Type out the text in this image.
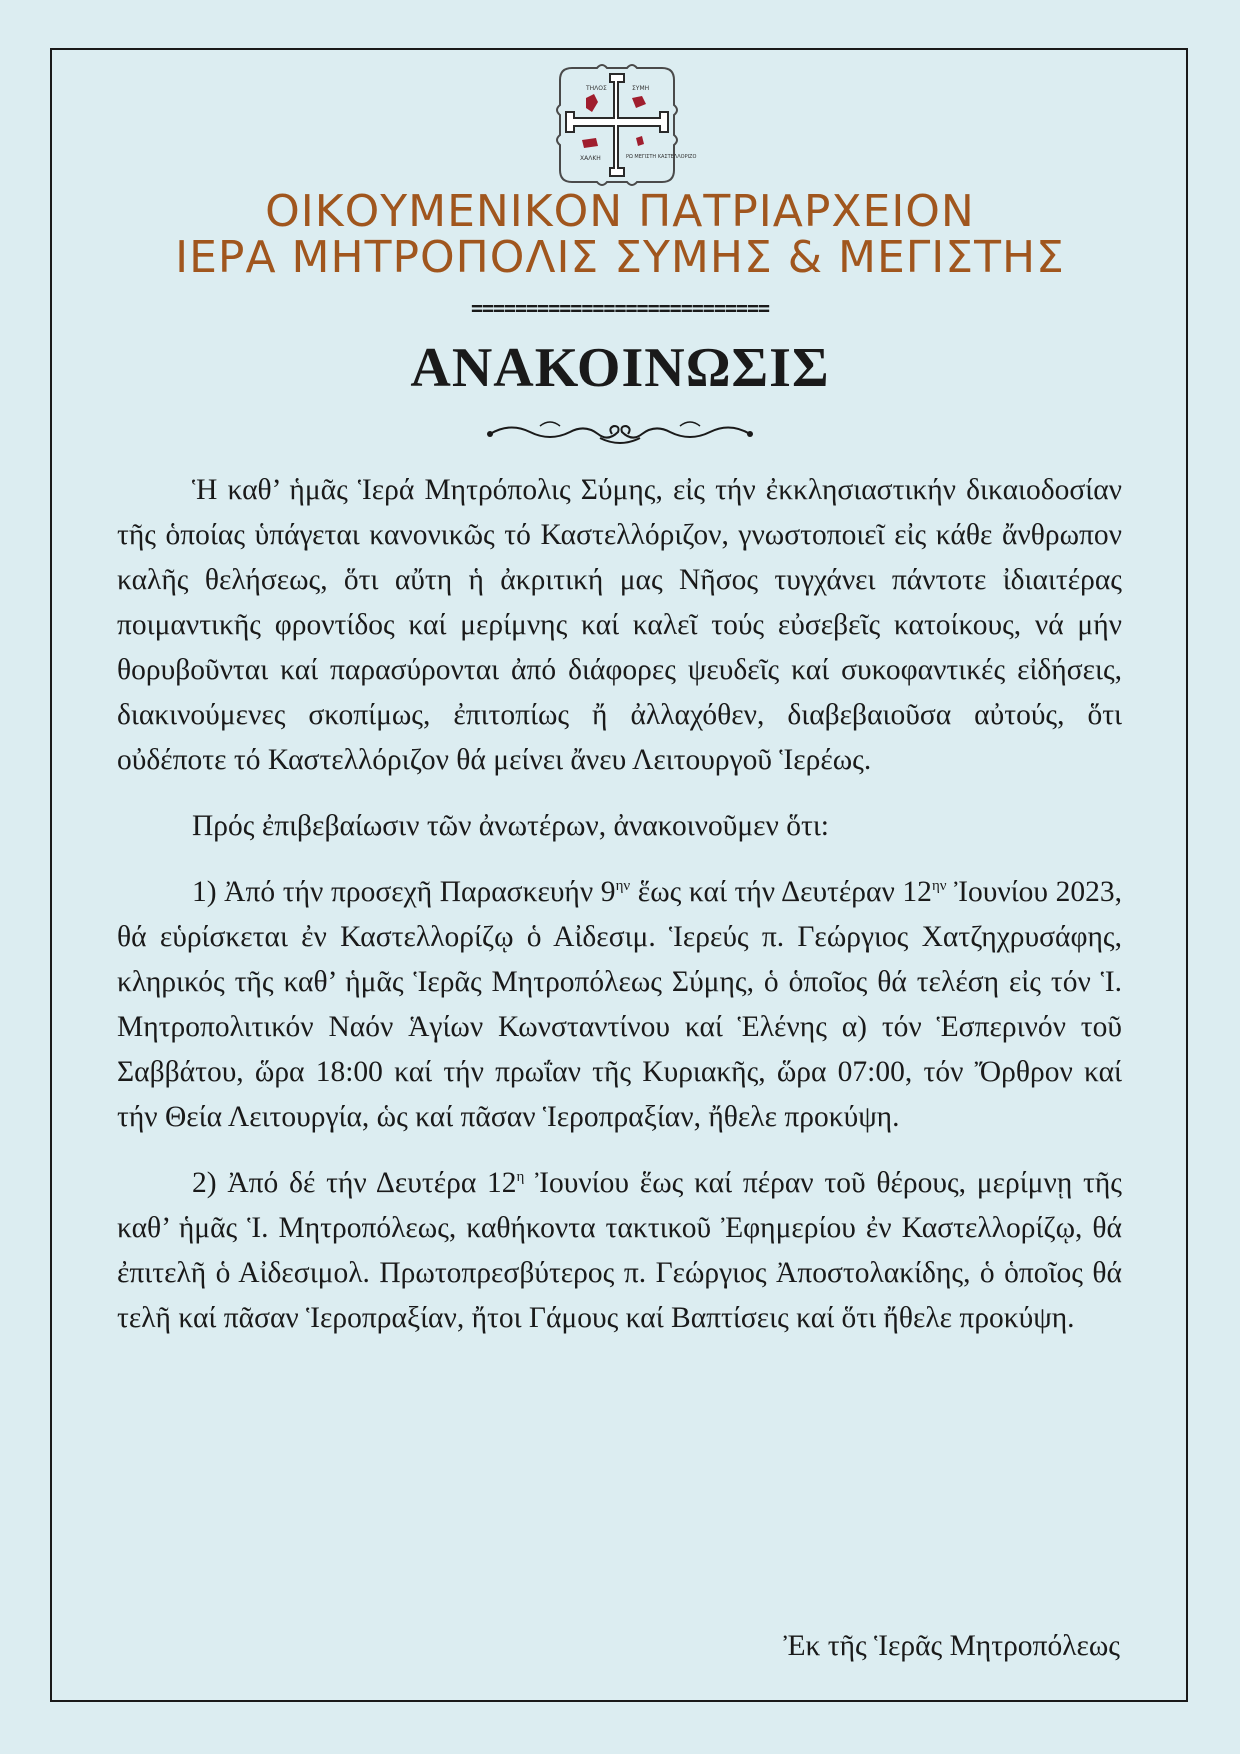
ΤΗΛΟΣ	ΣΥΜΗ
ΧΑΛΚΗ	ΡΩ ΜΕΓΙΣΤΗ ΚΑΣΤΕΛΛΟΡΙΖΟ
ΟΙΚΟΥΜΕΝΙΚΟΝ ΠΑΤΡΙΑΡΧΕΙΟΝ
ΙΕΡΑ ΜΗΤΡΟΠΟΛΙΣ ΣΥΜΗΣ & ΜΕΓΙΣΤΗΣ
===========================
ΑΝΑΚΟΙΝΩΣΙΣ

Ἡ καθ’ ἡμᾶς Ἱερά Μητρόπολις Σύμης, εἰς τήν ἐκκλησιαστικήν δικαιοδοσίαν τῆς ὁποίας ὑπάγεται κανονικῶς τό Καστελλόριζον, γνωστοποιεῖ εἰς κάθε ἄνθρωπον καλῆς θελήσεως, ὅτι αὔτη ἡ ἀκριτική μας Νῆσος τυγχάνει πάντοτε ἰδιαιτέρας ποιμαντικῆς φροντίδος καί μερίμνης καί καλεῖ τούς εὐσεβεῖς κατοίκους, νά μήν θορυβοῦνται καί παρασύρονται ἀπό διάφορες ψευδεῖς καί συκοφαντικές εἰδήσεις, διακινούμενες σκοπίμως, ἐπιτοπίως ἤ ἀλλαχόθεν, διαβεβαιοῦσα αὐτούς, ὅτι οὐδέποτε τό Καστελλόριζον θά μείνει ἄνευ Λειτουργοῦ Ἱερέως.

Πρός ἐπιβεβαίωσιν τῶν ἀνωτέρων, ἀνακοινοῦμεν ὅτι:

1) Ἀπό τήν προσεχῆ Παρασκευήν $9^{\eta\nu}$ ἕως καί τήν Δευτέραν $12^{\eta\nu}$ Ἰουνίου 2023, θά εὑρίσκεται ἐν Καστελλορίζῳ ὁ Αἰδεσιμ. Ἱερεύς π. Γεώργιος Χατζηχρυσάφης, κληρικός τῆς καθ’ ἡμᾶς Ἱερᾶς Μητροπόλεως Σύμης, ὁ ὁποῖος θά τελέση εἰς τόν Ἱ. Μητροπολιτικόν Ναόν Ἁγίων Κωνσταντίνου καί Ἑλένης α) τόν Ἑσπερινόν τοῦ Σαββάτου, ὥρα 18:00 καί τήν πρωΐαν τῆς Κυριακῆς, ὥρα 07:00, τόν Ὄρθρον καί τήν Θεία Λειτουργία, ὡς καί πᾶσαν Ἱεροπραξίαν, ἤθελε προκύψη.

2) Ἀπό δέ τήν Δευτέρα $12^\eta$ Ἰουνίου ἕως καί πέραν τοῦ θέρους, μερίμνῃ τῆς καθ’ ἡμᾶς Ἱ. Μητροπόλεως, καθήκοντα τακτικοῦ Ἐφημερίου ἐν Καστελλορίζῳ, θά ἐπιτελῆ ὁ Αἰδεσιμολ. Πρωτοπρεσβύτερος π. Γεώργιος Ἀποστολακίδης, ὁ ὁποῖος θά τελῆ καί πᾶσαν Ἱεροπραξίαν, ἤτοι Γάμους καί Βαπτίσεις καί ὅτι ἤθελε προκύψη.

Ἐκ τῆς Ἱερᾶς Μητροπόλεως
